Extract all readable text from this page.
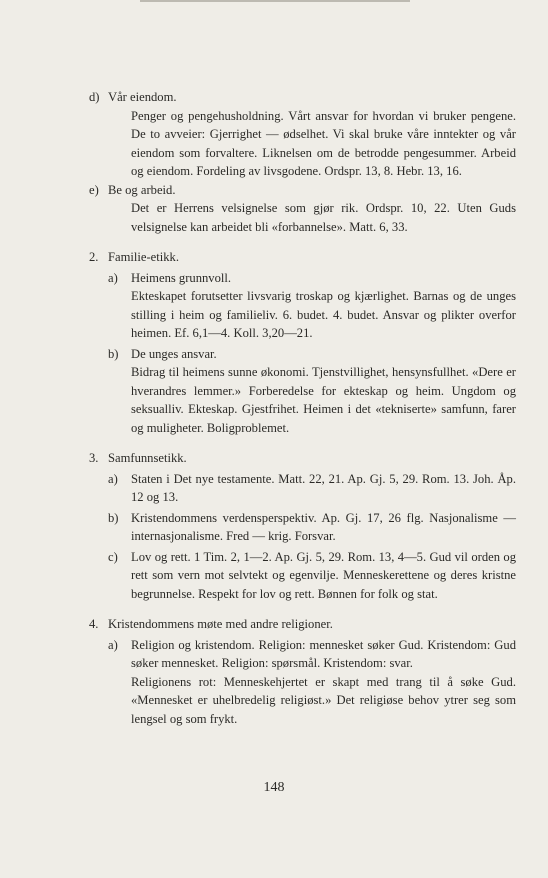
d) Vår eiendom.
Penger og pengehusholdning. Vårt ansvar for hvordan vi bruker pengene. De to avveier: Gjerrighet — ødselhet. Vi skal bruke våre inntekter og vår eiendom som forvaltere. Liknelsen om de betrodde pengesummer. Arbeid og eiendom. Fordeling av livsgodene. Ordspr. 13, 8. Hebr. 13, 16.
e) Be og arbeid.
Det er Herrens velsignelse som gjør rik. Ordspr. 10, 22. Uten Guds velsignelse kan arbeidet bli «forbannelse». Matt. 6, 33.
2. Familie-etikk.
a) Heimens grunnvoll.
Ekteskapet forutsetter livsvarig troskap og kjærlighet. Barnas og de unges stilling i heim og familieliv. 6. budet. 4. budet. Ansvar og plikter overfor heimen. Ef. 6,1—4. Koll. 3,20—21.
b) De unges ansvar.
Bidrag til heimens sunne økonomi. Tjenstvillighet, hensynsfullhet. «Dere er hverandres lemmer.» Forberedelse for ekteskap og heim. Ungdom og seksualliv. Ekteskap. Gjestfrihet. Heimen i det «tekniserte» samfunn, farer og muligheter. Boligproblemet.
3. Samfunnsetikk.
a) Staten i Det nye testamente. Matt. 22, 21. Ap. Gj. 5, 29. Rom. 13. Joh. Åp. 12 og 13.
b) Kristendommens verdensperspektiv. Ap. Gj. 17, 26 flg. Nasjonalisme — internasjonalisme. Fred — krig. Forsvar.
c) Lov og rett. 1 Tim. 2, 1—2. Ap. Gj. 5, 29. Rom. 13, 4—5. Gud vil orden og rett som vern mot selvtekt og egenvilje. Menneskerettene og deres kristne begrunnelse. Respekt for lov og rett. Bønnen for folk og stat.
4. Kristendommens møte med andre religioner.
a) Religion og kristendom. Religion: mennesket søker Gud. Kristendom: Gud søker mennesket. Religion: spørsmål. Kristendom: svar.
Religionens rot: Menneskehjertet er skapt med trang til å søke Gud. «Mennesket er uhelbredelig religiøst.» Det religiøse behov ytrer seg som lengsel og som frykt.
148
